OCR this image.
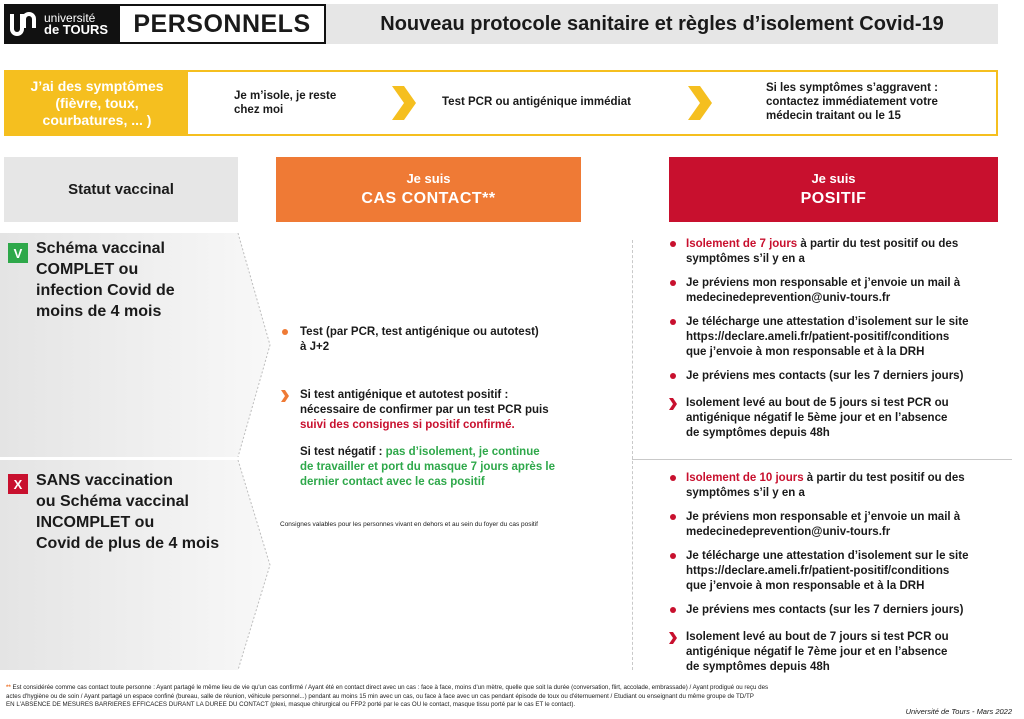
université
de TOURS	PERSONNELS	Nouveau protocole sanitaire et règles d’isolement Covid-19
J’ai des symptômes (fièvre, toux, courbatures, ... )
Je m’isole, je reste chez moi
Test PCR ou antigénique immédiat
Si les symptômes s’aggravent : contactez immédiatement votre médecin traitant ou le 15
Statut vaccinal
Je suis
CAS CONTACT**
Je suis
POSITIF
V Schéma vaccinal
COMPLET ou
infection Covid de
moins de 4 mois
X SANS vaccination
ou Schéma vaccinal
INCOMPLET ou
Covid de plus de 4 mois
Test (par PCR, test antigénique ou autotest)
à J+2
Si test antigénique et autotest positif :
nécessaire de confirmer par un test PCR puis
suivi des consignes si positif confirmé.
Si test négatif : pas d’isolement, je continue
de travailler et port du masque 7 jours après le
dernier contact avec le cas positif
Consignes valables pour les personnes vivant en dehors et au sein du foyer du cas positif
Isolement de 7 jours à partir du test positif ou des
symptômes s’il y en a
Je préviens mon responsable et j’envoie un mail à
medecinedeprevention@univ-tours.fr
Je télécharge une attestation d’isolement sur le site
https://declare.ameli.fr/patient-positif/conditions
que j’envoie à mon responsable et à la DRH
Je préviens mes contacts (sur les 7 derniers jours)
Isolement levé au bout de 5 jours si test PCR ou
antigénique négatif le 5ème jour et en l’absence
de symptômes depuis 48h
Isolement de 10 jours à partir du test positif ou des
symptômes s’il y en a
Je préviens mon responsable et j’envoie un mail à
medecinedeprevention@univ-tours.fr
Je télécharge une attestation d’isolement sur le site
https://declare.ameli.fr/patient-positif/conditions
que j’envoie à mon responsable et à la DRH
Je préviens mes contacts (sur les 7 derniers jours)
Isolement levé au bout de 7 jours si test PCR ou
antigénique négatif le 7ème jour et en l’absence
de symptômes depuis 48h
** Est considérée comme cas contact toute personne : Ayant partagé le même lieu de vie qu'un cas confirmé / Ayant été en contact direct avec un cas : face à face, moins d'un mètre, quelle que soit la durée (conversation, flirt, accolade, embrassade) / Ayant prodigué ou reçu des
actes d'hygiène ou de soin / Ayant partagé un espace confiné (bureau, salle de réunion, véhicule personnel...) pendant au moins 15 min avec un cas, ou face à face avec un cas pendant épisode de toux ou d'éternuement / Etudiant ou enseignant du même groupe de TD/TP
EN L'ABSENCE DE MESURES BARRIERES EFFICACES DURANT LA DUREE DU CONTACT (plexi, masque chirurgical ou FFP2 porté par le cas OU le contact, masque tissu porté par le cas ET le contact).
Université de Tours - Mars 2022
